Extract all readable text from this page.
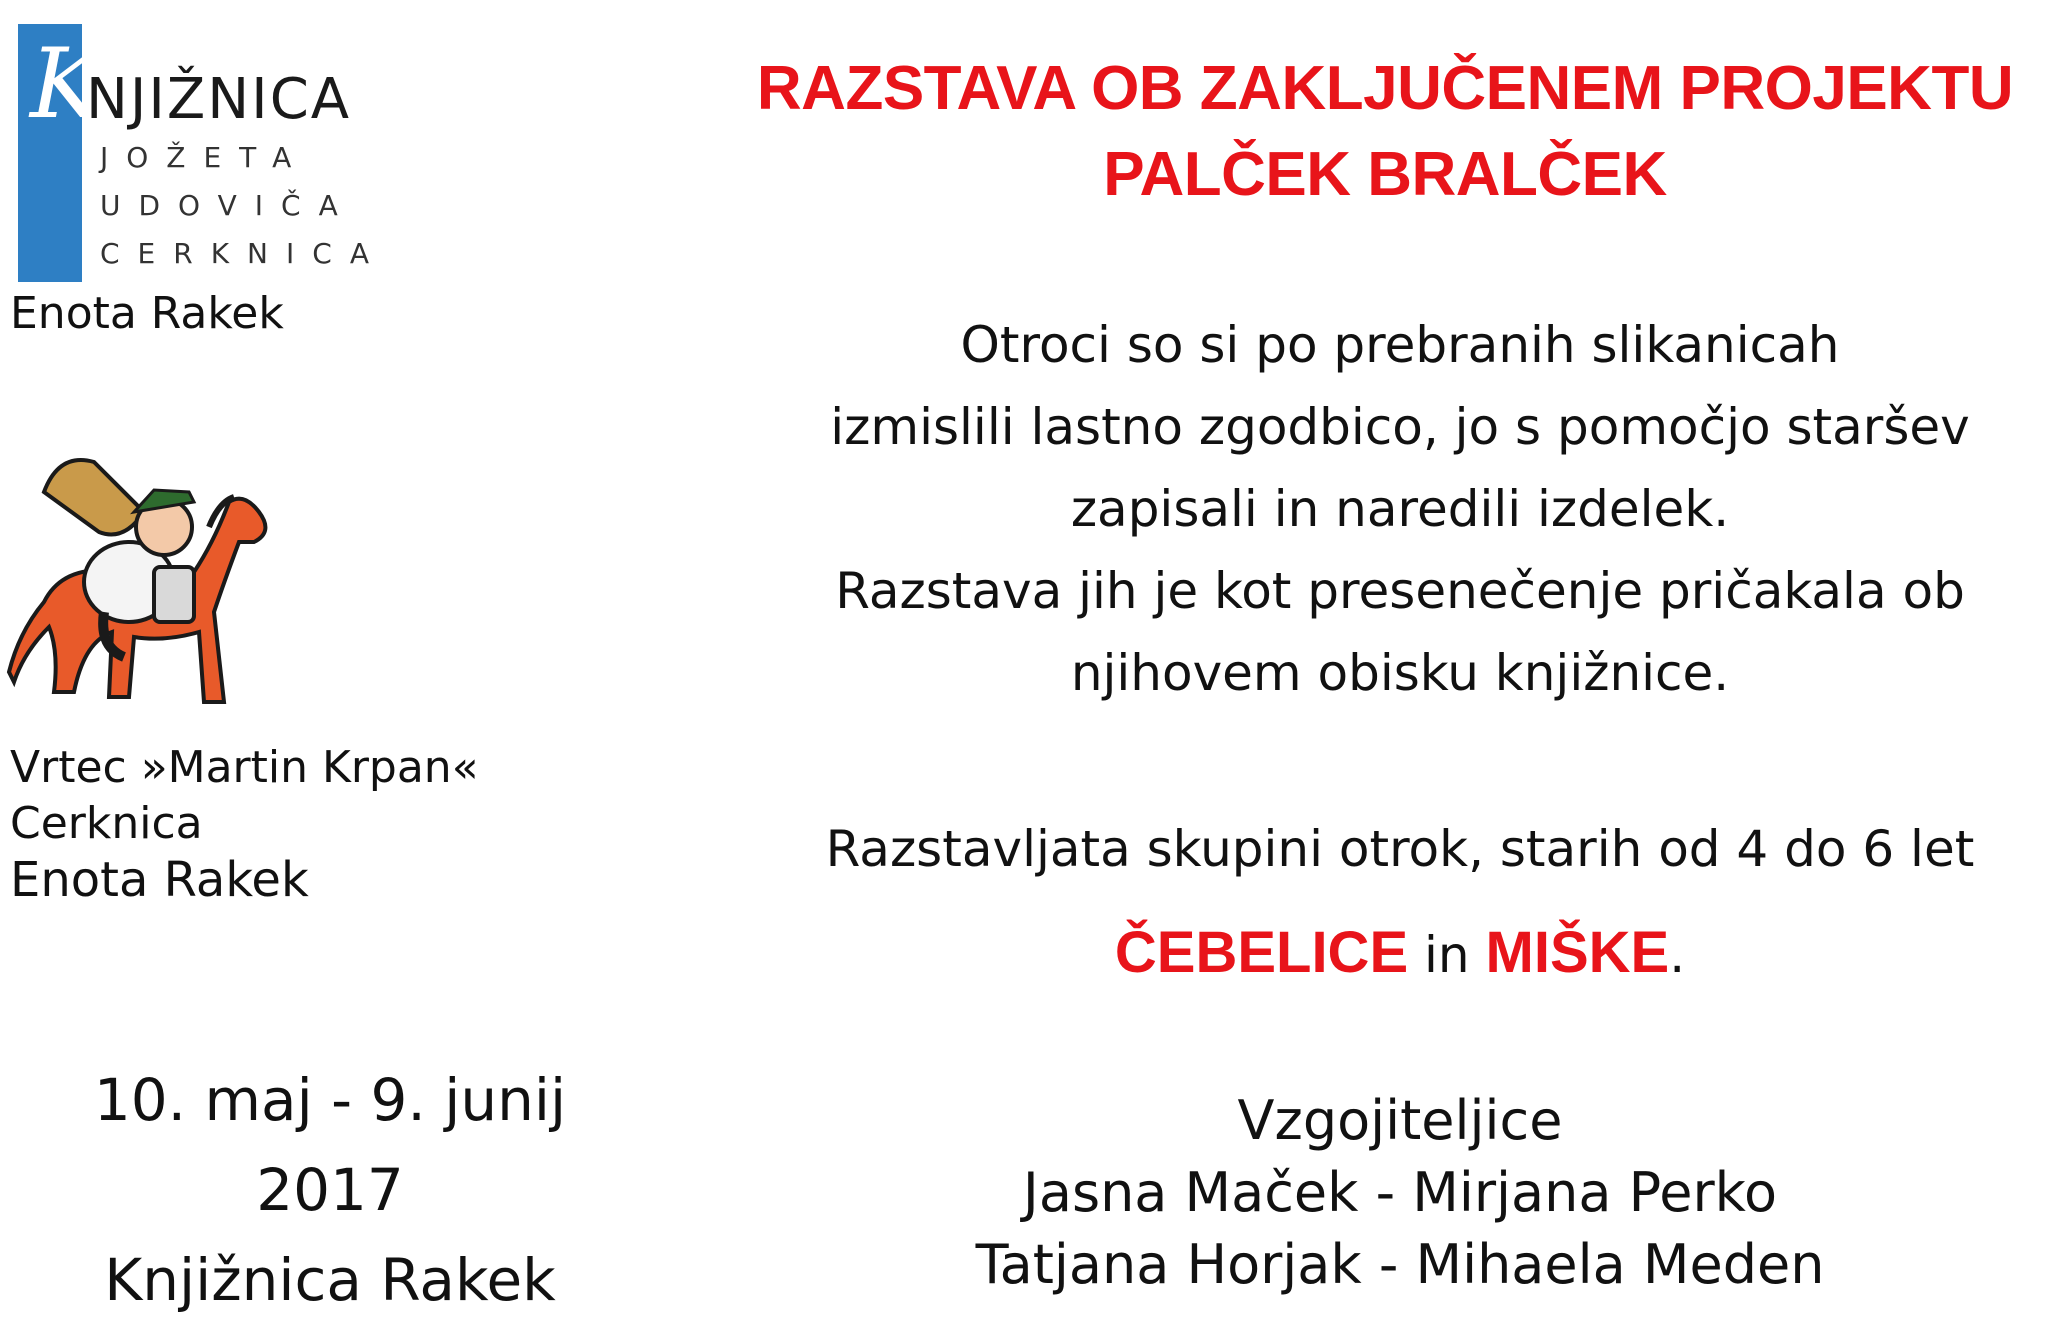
K
NJIŽNICA
JOŽETA
UDOVIČA
CERKNICA
Enota Rakek
Vrtec »Martin Krpan«
Cerknica
Enota Rakek
10. maj - 9. junij
2017
Knjižnica Rakek
RAZSTAVA OB ZAKLJUČENEM PROJEKTU
PALČEK BRALČEK
Otroci so si po prebranih slikanicah
izmislili lastno zgodbico, jo s pomočjo staršev
zapisali in naredili izdelek.
Razstava jih je kot presenečenje pričakala ob
njihovem obisku knjižnice.
Razstavljata skupini otrok, starih od 4 do 6 let
ČEBELICE in MIŠKE.
Vzgojiteljice
Jasna Maček - Mirjana Perko
Tatjana Horjak - Mihaela Meden
